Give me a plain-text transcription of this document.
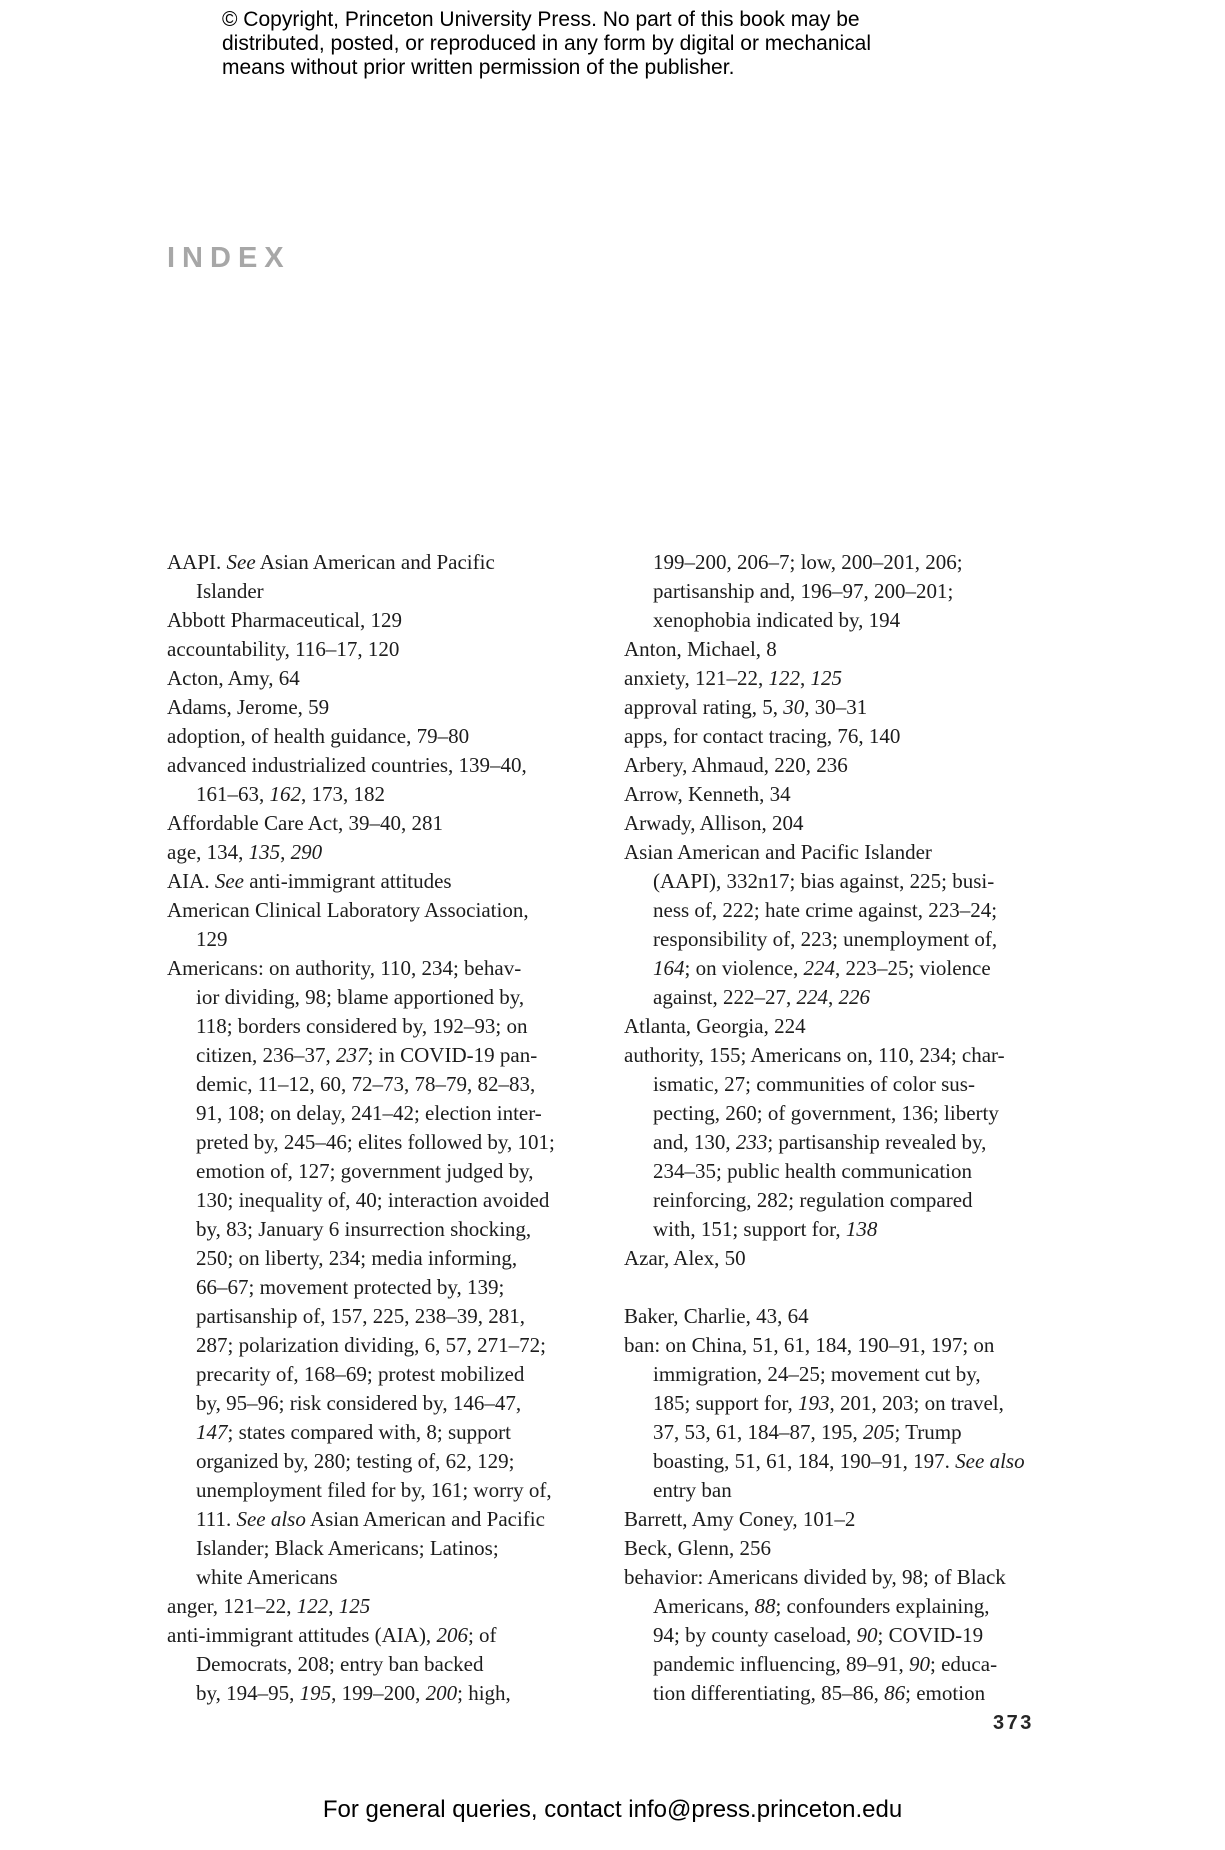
© Copyright, Princeton University Press. No part of this book may be
distributed, posted, or reproduced in any form by digital or mechanical
means without prior written permission of the publisher.
INDEX
AAPI. See Asian American and Pacific
Islander
Abbott Pharmaceutical, 129
accountability, 116–17, 120
Acton, Amy, 64
Adams, Jerome, 59
adoption, of health guidance, 79–80
advanced industrialized countries, 139–40,
161–63, 162, 173, 182
Affordable Care Act, 39–40, 281
age, 134, 135, 290
AIA. See anti-immigrant attitudes
American Clinical Laboratory Association,
129
Americans: on authority, 110, 234; behav-
ior dividing, 98; blame apportioned by,
118; borders considered by, 192–93; on
citizen, 236–37, 237; in COVID-19 pan-
demic, 11–12, 60, 72–73, 78–79, 82–83,
91, 108; on delay, 241–42; election inter-
preted by, 245–46; elites followed by, 101;
emotion of, 127; government judged by,
130; inequality of, 40; interaction avoided
by, 83; January 6 insurrection shocking,
250; on liberty, 234; media informing,
66–67; movement protected by, 139;
partisanship of, 157, 225, 238–39, 281,
287; polarization dividing, 6, 57, 271–72;
precarity of, 168–69; protest mobilized
by, 95–96; risk considered by, 146–47,
147; states compared with, 8; support
organized by, 280; testing of, 62, 129;
unemployment filed for by, 161; worry of,
111. See also Asian American and Pacific
Islander; Black Americans; Latinos;
white Americans
anger, 121–22, 122, 125
anti-immigrant attitudes (AIA), 206; of
Democrats, 208; entry ban backed
by, 194–95, 195, 199–200, 200; high,
199–200, 206–7; low, 200–201, 206;
partisanship and, 196–97, 200–201;
xenophobia indicated by, 194
Anton, Michael, 8
anxiety, 121–22, 122, 125
approval rating, 5, 30, 30–31
apps, for contact tracing, 76, 140
Arbery, Ahmaud, 220, 236
Arrow, Kenneth, 34
Arwady, Allison, 204
Asian American and Pacific Islander
(AAPI), 332n17; bias against, 225; busi-
ness of, 222; hate crime against, 223–24;
responsibility of, 223; unemployment of,
164; on violence, 224, 223–25; violence
against, 222–27, 224, 226
Atlanta, Georgia, 224
authority, 155; Americans on, 110, 234; char-
ismatic, 27; communities of color sus-
pecting, 260; of government, 136; liberty
and, 130, 233; partisanship revealed by,
234–35; public health communication
reinforcing, 282; regulation compared
with, 151; support for, 138
Azar, Alex, 50
Baker, Charlie, 43, 64
ban: on China, 51, 61, 184, 190–91, 197; on
immigration, 24–25; movement cut by,
185; support for, 193, 201, 203; on travel,
37, 53, 61, 184–87, 195, 205; Trump
boasting, 51, 61, 184, 190–91, 197. See also
entry ban
Barrett, Amy Coney, 101–2
Beck, Glenn, 256
behavior: Americans divided by, 98; of Black
Americans, 88; confounders explaining,
94; by county caseload, 90; COVID-19
pandemic influencing, 89–91, 90; educa-
tion differentiating, 85–86, 86; emotion
373
For general queries, contact info@press.princeton.edu
